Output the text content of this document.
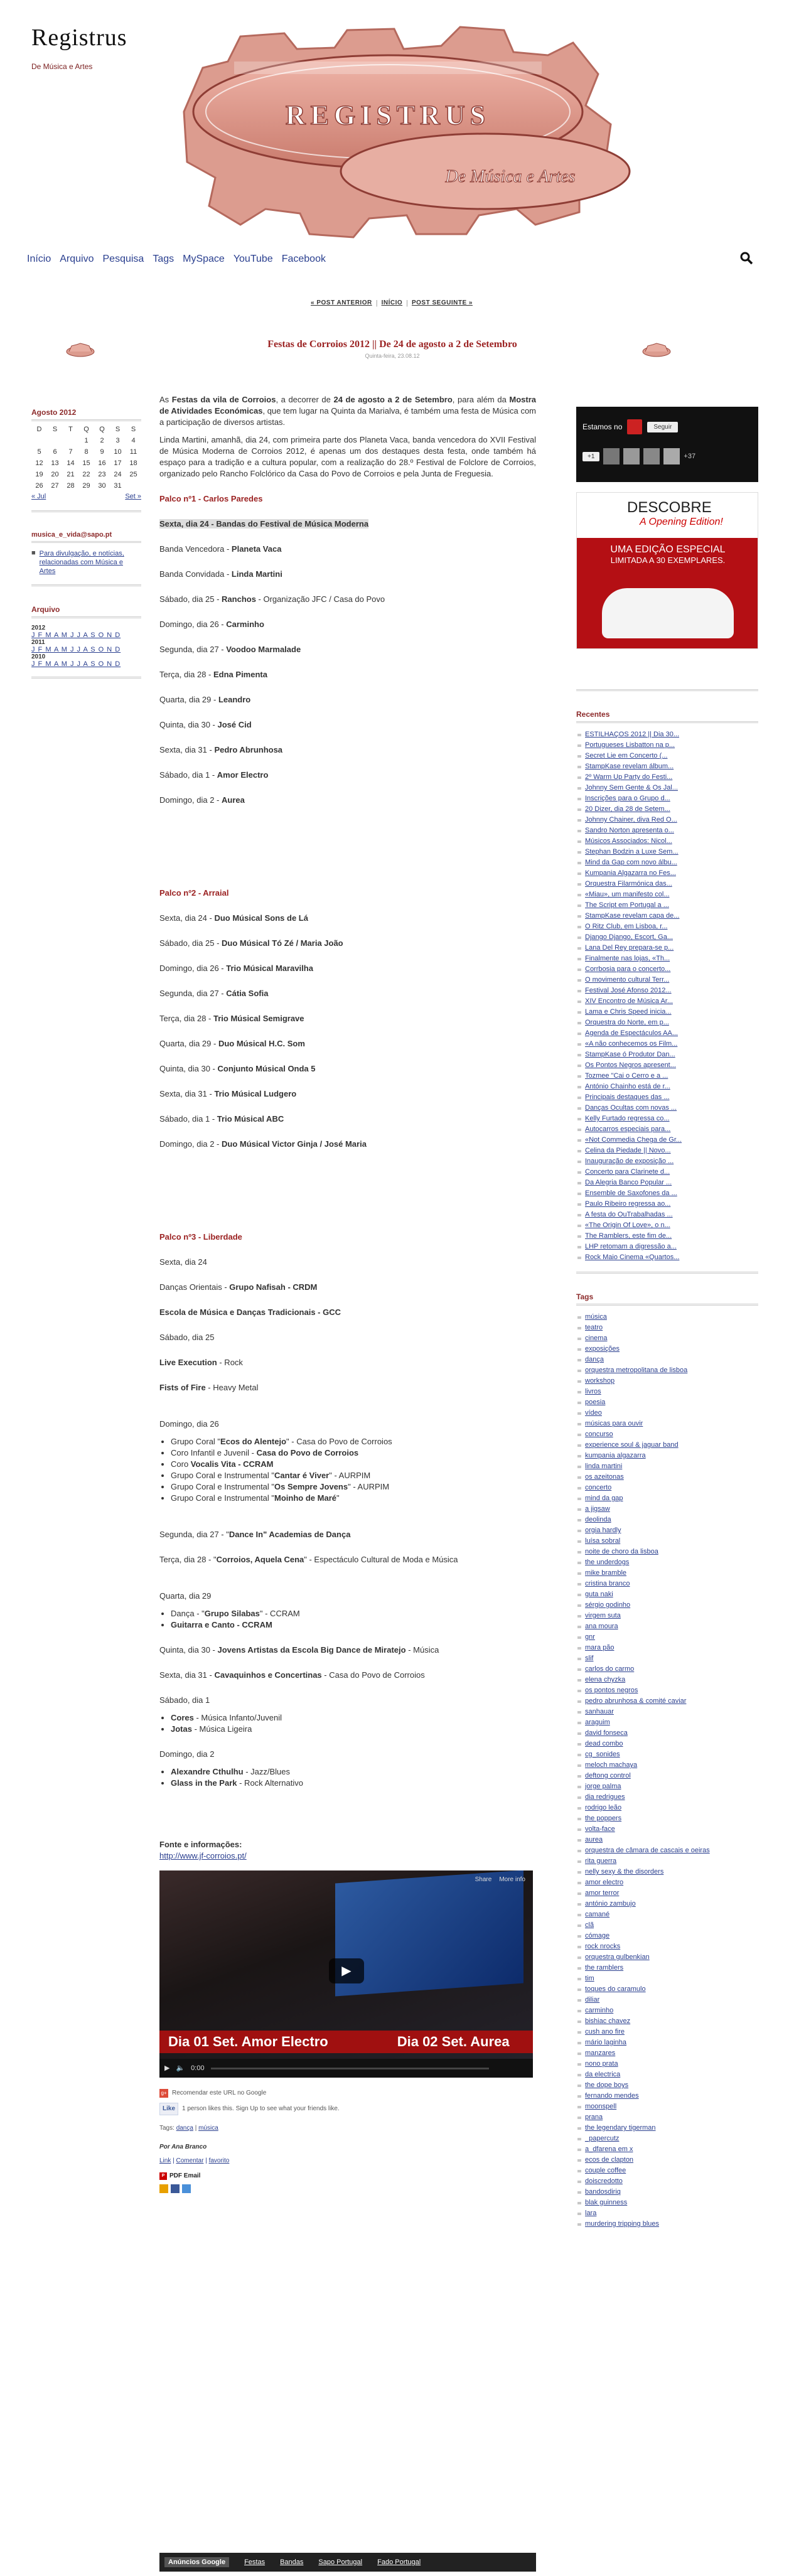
Registrus
De Música e Artes
REGISTRUS
De Música e Artes
Início Arquivo Pesquisa Tags MySpace YouTube Facebook
« POST ANTERIOR | INÍCIO | POST SEGUINTE »
Festas de Corroios 2012 || De 24 de agosto a 2 de Setembro
Quinta-feira, 23.08.12
Agosto 2012
D	S	T	Q	Q	S	S
			1	2	3	4
5	6	7	8	9	10	11
12	13	14	15	16	17	18
19	20	21	22	23	24	25
26	27	28	29	30	31	
« Jul	Set »
musica_e_vida@sapo.pt
■ Para divulgação, e notícias, relacionadas com Música e Artes
Arquivo
2012
J F M A M J J A S O N D
2011
J F M A M J J A S O N D
2010
J F M A M J J A S O N D

As Festas da vila de Corroios, a decorrer de 24 de agosto a 2 de Setembro, para além da Mostra de Atividades Económicas, que tem lugar na Quinta da Marialva, é também uma festa de Música com a participação de diversos artistas.

Linda Martini, amanhã, dia 24, com primeira parte dos Planeta Vaca, banda vencedora do XVII Festival de Música Moderna de Corroios 2012, é apenas um dos destaques desta festa, onde também há espaço para a tradição e a cultura popular, com a realização do 28.º Festival de Folclore de Corroios, organizado pelo Rancho Folclórico da Casa do Povo de Corroios e pela Junta de Freguesia.

Palco nº1 - Carlos Paredes

Sexta, dia 24 - Bandas do Festival de Música Moderna

Banda Vencedora - Planeta Vaca

Banda Convidada - Linda Martini

Sábado, dia 25 - Ranchos - Organização JFC / Casa do Povo

Domingo, dia 26 - Carminho

Segunda, dia 27 - Voodoo Marmalade

Terça, dia 28 - Edna Pimenta

Quarta, dia 29 - Leandro

Quinta, dia 30 - José Cid

Sexta, dia 31 - Pedro Abrunhosa

Sábado, dia 1 - Amor Electro

Domingo, dia 2 - Aurea

Palco nº2 - Arraial

Sexta, dia 24 - Duo Músical Sons de Lá

Sábado, dia 25 - Duo Músical Tó Zé / Maria João

Domingo, dia 26 - Trio Músical Maravilha

Segunda, dia 27 - Cátia Sofia

Terça, dia 28 - Trio Músical Semigrave

Quarta, dia 29 - Duo Músical H.C. Som

Quinta, dia 30 - Conjunto Músical Onda 5

Sexta, dia 31 - Trio Músical Ludgero

Sábado, dia 1 - Trio Músical ABC

Domingo, dia 2 - Duo Músical Victor Ginja / José Maria

Palco nº3 - Liberdade

Sexta, dia 24

Danças Orientais - Grupo Nafisah - CRDM

Escola de Música e Danças Tradicionais - GCC

Sábado, dia 25

Live Execution - Rock

Fists of Fire - Heavy Metal

Domingo, dia 26

• Grupo Coral "Ecos do Alentejo" - Casa do Povo de Corroios
• Coro Infantil e Juvenil - Casa do Povo de Corroios
• Coro Vocalis Vita - CCRAM
• Grupo Coral e Instrumental "Cantar é Viver" - AURPIM
• Grupo Coral e Instrumental "Os Sempre Jovens" - AURPIM
• Grupo Coral e Instrumental "Moinho de Maré"

Segunda, dia 27 - "Dance In" Academias de Dança

Terça, dia 28 - "Corroios, Aquela Cena" - Espectáculo Cultural de Moda e Música

Quarta, dia 29

• Dança - "Grupo Silabas" - CCRAM
• Guitarra e Canto - CCRAM

Quinta, dia 30 - Jovens Artistas da Escola Big Dance de Miratejo - Música

Sexta, dia 31 - Cavaquinhos e Concertinas - Casa do Povo de Corroios

Sábado, dia 1

• Cores - Música Infanto/Juvenil
• Jotas - Música Ligeira

Domingo, dia 2

• Alexandre Cthulhu - Jazz/Blues
• Glass in the Park - Rock Alternativo

Fonte e informações:
http://www.jf-corroios.pt/

Share More info
▶
Dia 01 Set. Amor Electro	Dia 02 Set. Aurea
▶ 🔈 0:00
g+ Recomendar este URL no Google
Like	1 person likes this. Sign Up to see what your friends like.
Tags: dança | música
Por Ana Branco
Link | Comentar | favorito
P PDF Email
Anúncios Google	Festas Bandas Sapo Portugal Fado Portugal
Estamos no	Seguir
+1	+37
DESCOBRE
A Opening Edition!
UMA EDIÇÃO ESPECIAL
LIMITADA A 30 EXEMPLARES.
Recentes
ESTILHAÇOS 2012 || Dia 30...
Portugueses Lisbatton na p...
Secret Lie em Concerto (...
StampKase revelam álbum...
2º Warm Up Party do Festi...
Johnny Sem Gente & Os Jal...
Inscrições para o Grupo d...
20 Dizer, dia 28 de Setem...
Johnny Chainer, diva Red O...
Sandro Norton apresenta o...
Músicos Associados: Nicol...
Stephan Bodzin a Luxe Sem...
Mind da Gap com novo álbu...
Kumpania Algazarra no Fes...
Orquestra Filarmónica das...
«Miau», um manifesto col...
The Script em Portugal a ...
StampKase revelam capa de...
O Ritz Club, em Lisboa, r...
Django Django, Escort, Ga...
Lana Del Rey prepara-se p...
Finalmente nas lojas, «Th...
Corrbosia para o concerto...
O movimento cultural Terr...
Festival José Afonso 2012...
XIV Encontro de Música Ar...
Lama e Chris Speed inicia...
Orquestra do Norte, em p...
Agenda de Espectáculos AA...
«A não conhecemos os Film...
StampKase ó Produtor Dan...
Os Pontos Negros apresent...
Tozmee "Cai o Cerro e a ...
António Chainho está de r...
Principais destaques das ...
Danças Ocultas com novas ...
Kelly Furtado regressa co...
Autocarros especiais para...
«Not Commedia Chega de Gr...
Celina da Piedade || Novo...
Inauguração de exposição ...
Concerto para Clarinete d...
Da Alegria Banco Popular ...
Ensemble de Saxofones da ...
Paulo Ribeiro regressa ao...
A festa do OuTrabalhadas ...
«The Origin Of Love», o n...
The Ramblers, este fim de...
LHP retomam a digressão a...
Rock Maio Cinema «Quartos...
Tags
música
teatro
cinema
exposições
dança
orquestra metropolitana de lisboa
workshop
livros
poesia
vídeo
músicas para ouvir
concurso
experience soul & jaguar band
kumpania algazarra
linda martini
os azeitonas
concerto
mind da gap
a jigsaw
deolinda
orgia hardly
luísa sobral
noite de choro da lisboa
the underdogs
mike bramble
cristina branco
guta naki
sérgio godinho
virgem suta
ana moura
gnr
mara pão
slif
carlos do carmo
elena chyzka
os pontos negros
pedro abrunhosa & comité caviar
sanhauar
araguim
david fonseca
dead combo
cg_sonides
meloch machaya
deftong control
jorge palma
dia redrigues
rodrigo leão
the poppers
volta-face
aurea
orquestra de câmara de cascais e oeiras
rita guerra
nelly sexy & the disorders
amor electro
amor terror
antónio zambujo
camané
clã
cómage
rock nrocks
orquestra gulbenkian
the ramblers
tim
toques do caramulo
diliar
carminho
bishiac chavez
cush ano fire
mário laginha
manzares
nono prata
da electrica
the dope boys
fernando mendes
moonspell
prana
the legendary tigerman
_papercutz
a_dfarena em x
ecos de clapton
couple coffee
doiscredotto
bandosdiriq
blak guinness
lara
murdering tripping blues
